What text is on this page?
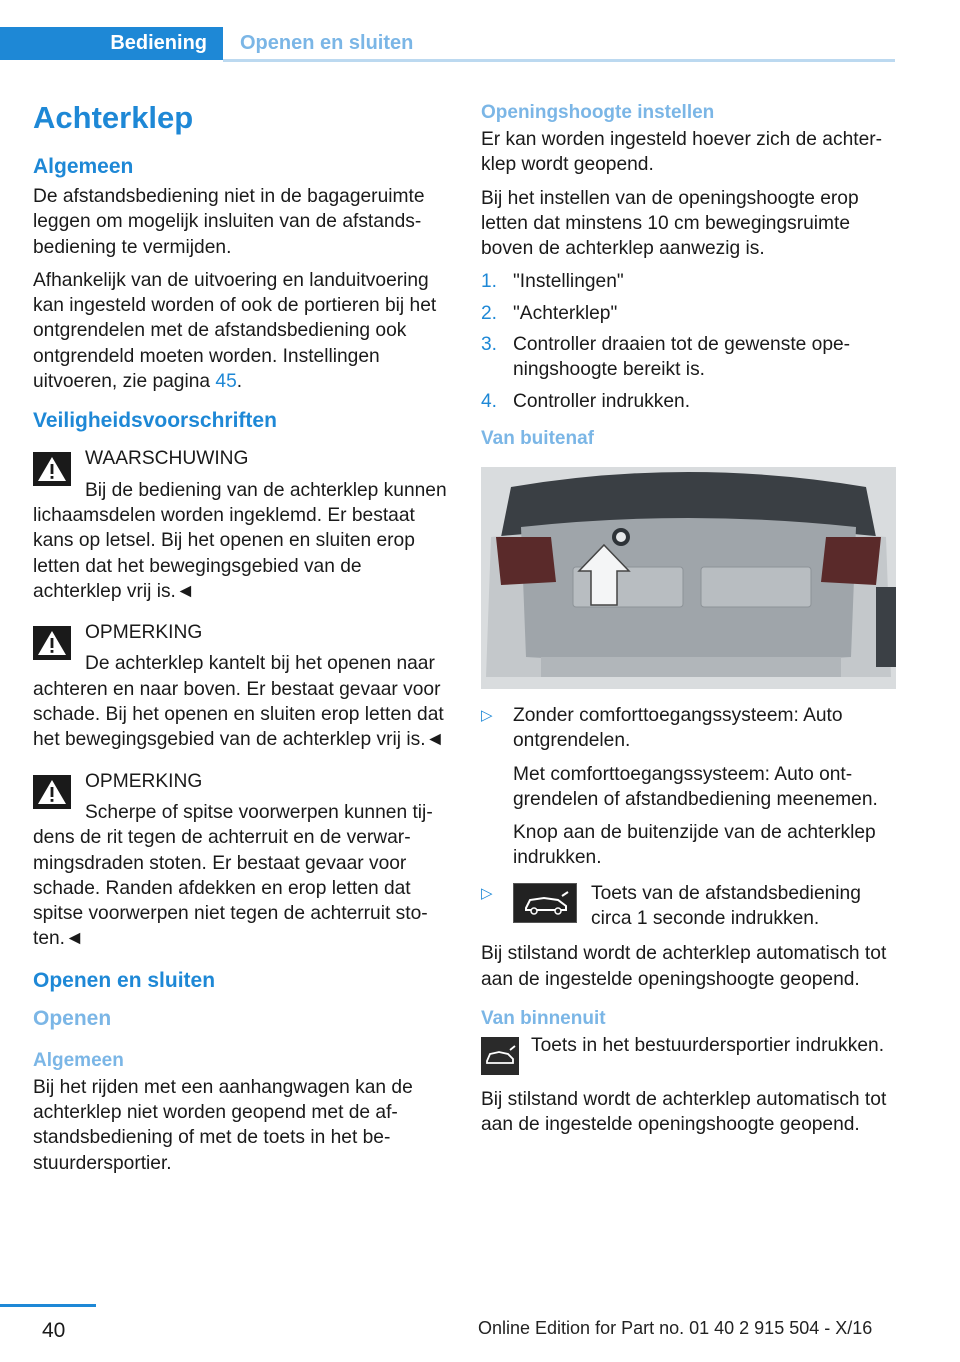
Bediening	Openen en sluiten
Achterklep
Algemeen

De afstandsbediening niet in de bagageruimte leggen om mogelijk insluiten van de afstandsbediening te vermijden.

Afhankelijk van de uitvoering en landuitvoering kan ingesteld worden of ook de portieren bij het ontgrendelen met de afstandsbediening ook ontgrendeld moeten worden. Instellingen uitvoeren, zie pagina 45.

Veiligheidsvoorschriften
WAARSCHUWING
Bij de bediening van de achterklep kunnen lichaamsdelen worden ingeklemd. Er bestaat kans op letsel. Bij het openen en sluiten erop letten dat het bewegingsgebied van de achterklep vrij is.◄
OPMERKING
De achterklep kantelt bij het openen naar achteren en naar boven. Er bestaat gevaar voor schade. Bij het openen en sluiten erop letten dat het bewegingsgebied van de achterklep vrij is.◄
OPMERKING
Scherpe of spitse voorwerpen kunnen tijdens de rit tegen de achterruit en de verwarmingsdraden stoten. Er bestaat gevaar voor schade. Randen afdekken en erop letten dat spitse voorwerpen niet tegen de achterruit stoten.◄
Openen en sluiten
Openen
Algemeen

Bij het rijden met een aanhangwagen kan de achterklep niet worden geopend met de afstandsbediening of met de toets in het bestuurdersportier.

Openingshoogte instellen

Er kan worden ingesteld hoever zich de achterklep wordt geopend.

Bij het instellen van de openingshoogte erop letten dat minstens 10 cm bewegingsruimte boven de achterklep aanwezig is.

1. "Instellingen"
2. "Achterklep"
3. Controller draaien tot de gewenste openingshoogte bereikt is.
4. Controller indrukken.
Van buitenaf
▷ Zonder comforttoegangssysteem: Auto ontgrendelen.

Met comforttoegangssysteem: Auto ontgrendelen of afstandbediening meenemen.

Knop aan de buitenzijde van de achterklep indrukken.

▷	Toets van de afstandsbediening circa 1 seconde indrukken.

Bij stilstand wordt de achterklep automatisch tot aan de ingestelde openingshoogte geopend.

Van binnenuit
Toets in het bestuurdersportier indrukken.

Bij stilstand wordt de achterklep automatisch tot aan de ingestelde openingshoogte geopend.

40	Online Edition for Part no. 01 40 2 915 504 - X/16
